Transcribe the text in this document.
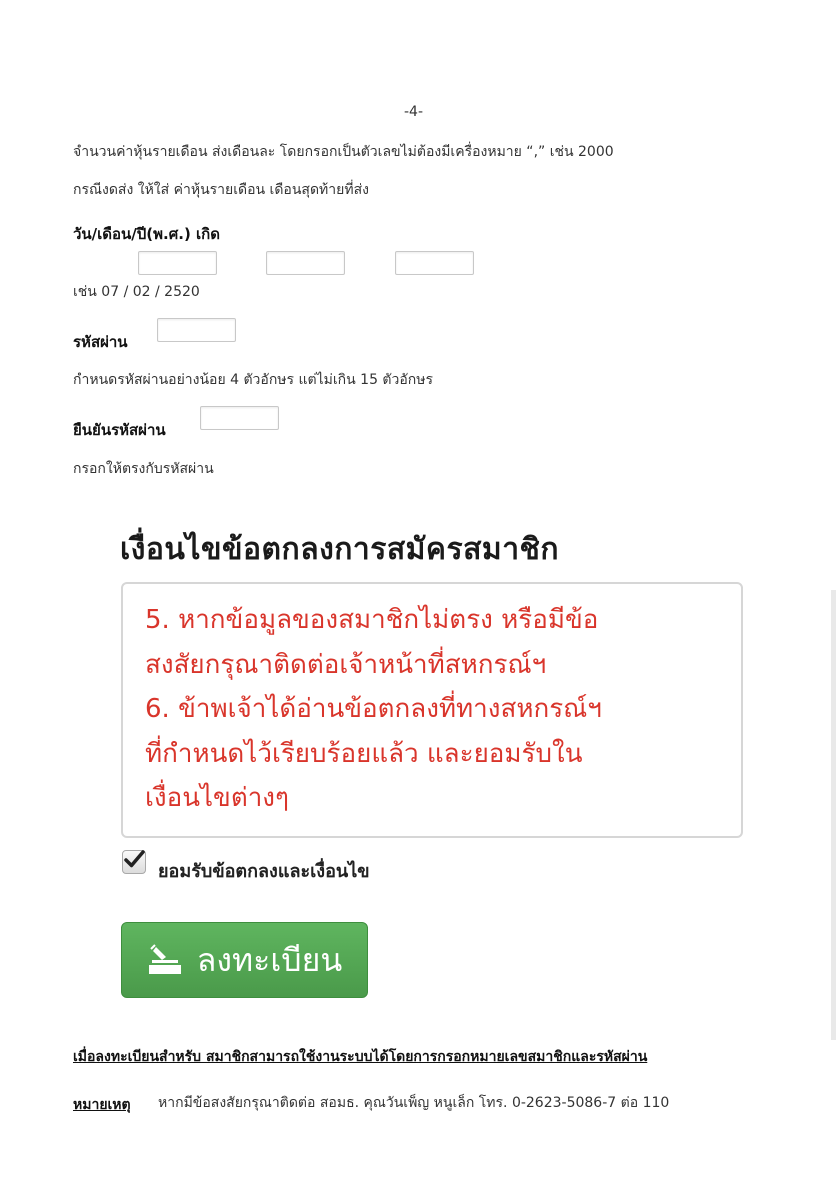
-4-
จำนวนค่าหุ้นรายเดือน ส่งเดือนละ โดยกรอกเป็นตัวเลขไม่ต้องมีเครื่องหมาย “,” เช่น 2000
กรณีงดส่ง ให้ใส่ ค่าหุ้นรายเดือน เดือนสุดท้ายที่ส่ง
วัน/เดือน/ปี(พ.ศ.) เกิด
เช่น 07 / 02 / 2520
รหัสผ่าน
กำหนดรหัสผ่านอย่างน้อย 4 ตัวอักษร แต่ไม่เกิน 15 ตัวอักษร
ยืนยันรหัสผ่าน
กรอกให้ตรงกับรหัสผ่าน
เงื่อนไขข้อตกลงการสมัครสมาชิก
5. หากข้อมูลของสมาชิกไม่ตรง หรือมีข้อ
สงสัยกรุณาติดต่อเจ้าหน้าที่สหกรณ์ฯ
6. ข้าพเจ้าได้อ่านข้อตกลงที่ทางสหกรณ์ฯ
ที่กำหนดไว้เรียบร้อยแล้ว และยอมรับใน
เงื่อนไขต่างๆ
ยอมรับข้อตกลงและเงื่อนไข
ลงทะเบียน
เมื่อลงทะเบียนสำหรับ สมาชิกสามารถใช้งานระบบได้โดยการกรอกหมายเลขสมาชิกและรหัสผ่าน
หมายเหตุ หากมีข้อสงสัยกรุณาติดต่อ สอมธ. คุณวันเพ็ญ หนูเล็ก โทร. 0-2623-5086-7 ต่อ 110
